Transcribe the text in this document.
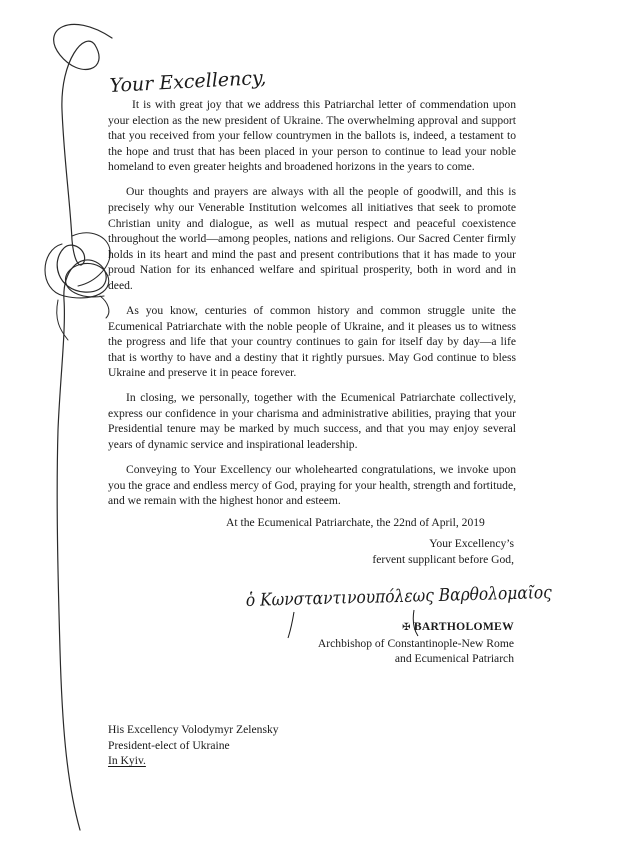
Your Excellency,

It is with great joy that we address this Patriarchal letter of commendation upon your election as the new president of Ukraine. The overwhelming approval and support that you received from your fellow countrymen in the ballots is, indeed, a testament to the hope and trust that has been placed in your person to continue to lead your noble homeland to even greater heights and broadened horizons in the years to come.

Our thoughts and prayers are always with all the people of goodwill, and this is precisely why our Venerable Institution welcomes all initiatives that seek to promote Christian unity and dialogue, as well as mutual respect and peaceful coexistence throughout the world—among peoples, nations and religions. Our Sacred Center firmly holds in its heart and mind the past and present contributions that it has made to your proud Nation for its enhanced welfare and spiritual prosperity, both in word and in deed.

As you know, centuries of common history and common struggle unite the Ecumenical Patriarchate with the noble people of Ukraine, and it pleases us to witness the progress and life that your country continues to gain for itself day by day—a life that is worthy to have and a destiny that it rightly pursues. May God continue to bless Ukraine and preserve it in peace forever.

In closing, we personally, together with the Ecumenical Patriarchate collectively, express our confidence in your charisma and administrative abilities, praying that your Presidential tenure may be marked by much success, and that you may enjoy several years of dynamic service and inspirational leadership.

Conveying to Your Excellency our wholehearted congratulations, we invoke upon you the grace and endless mercy of God, praying for your health, strength and fortitude, and we remain with the highest honor and esteem.

At the Ecumenical Patriarchate, the 22nd of April, 2019
Your Excellency’s
fervent supplicant before God,
ὁ Κωνσταντινουπόλεως Βαρθολομαῖος
✠ BARTHOLOMEW
Archbishop of Constantinople-New Rome
and Ecumenical Patriarch
His Excellency Volodymyr Zelensky
President-elect of Ukraine
In Kyiv.
